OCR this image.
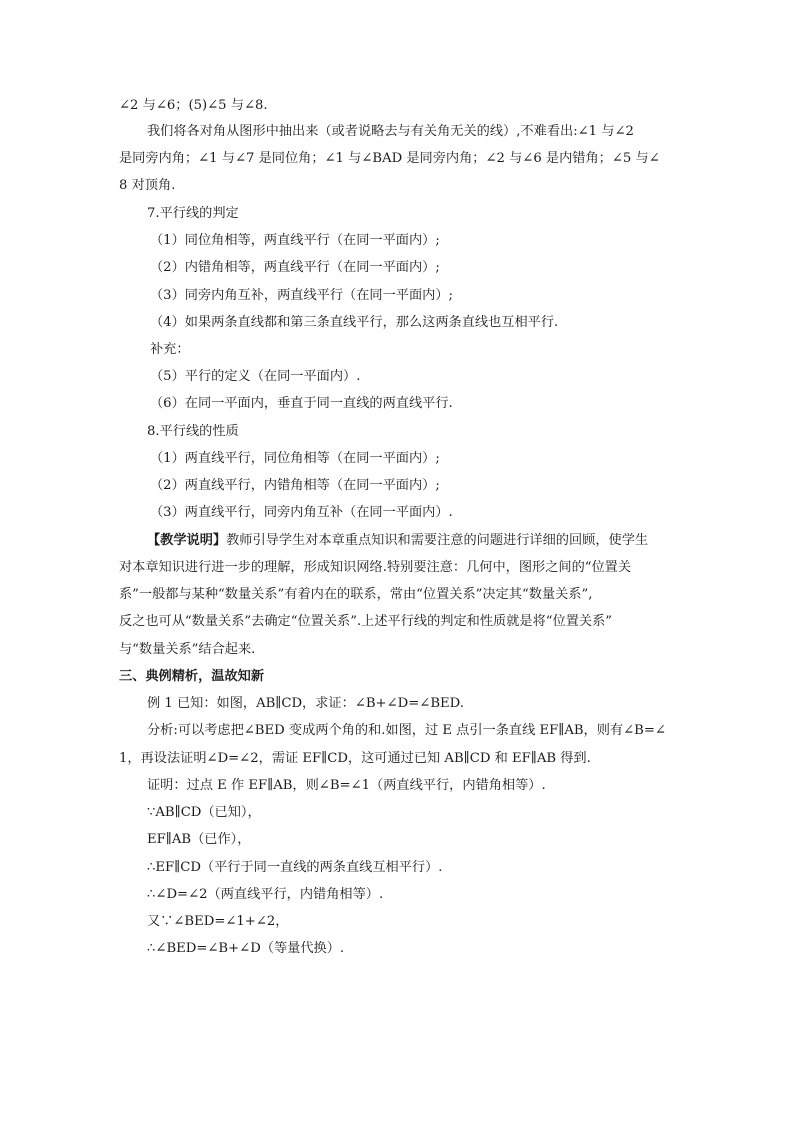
∠2 与∠6；(5)∠5 与∠8.
我们将各对角从图形中抽出来（或者说略去与有关角无关的线）,不难看出:∠1 与∠2
是同旁内角；∠1 与∠7 是同位角；∠1 与∠BAD 是同旁内角；∠2 与∠6 是内错角；∠5 与∠
8 对顶角.
7.平行线的判定
（1）同位角相等，两直线平行（在同一平面内）;
（2）内错角相等，两直线平行（在同一平面内）;
（3）同旁内角互补，两直线平行（在同一平面内）;
（4）如果两条直线都和第三条直线平行，那么这两条直线也互相平行.
补充：
（5）平行的定义（在同一平面内）.
（6）在同一平面内，垂直于同一直线的两直线平行.
8.平行线的性质
（1）两直线平行，同位角相等（在同一平面内）;
（2）两直线平行，内错角相等（在同一平面内）;
（3）两直线平行，同旁内角互补（在同一平面内）.
【教学说明】教师引导学生对本章重点知识和需要注意的问题进行详细的回顾，使学生
对本章知识进行进一步的理解，形成知识网络.特别要注意：几何中，图形之间的“位置关
系”一般都与某种“数量关系”有着内在的联系，常由“位置关系”决定其“数量关系”,
反之也可从“数量关系”去确定“位置关系”.上述平行线的判定和性质就是将“位置关系”
与“数量关系”结合起来.
三、典例精析，温故知新
例 1 已知：如图，AB∥CD，求证：∠B+∠D=∠BED.
分析:可以考虑把∠BED 变成两个角的和.如图，过 E 点引一条直线 EF∥AB，则有∠B=∠
1，再设法证明∠D=∠2，需证 EF∥CD，这可通过已知 AB∥CD 和 EF∥AB 得到.
证明：过点 E 作 EF∥AB，则∠B=∠1（两直线平行，内错角相等）.
∵AB∥CD（已知），
EF∥AB（已作），
∴EF∥CD（平行于同一直线的两条直线互相平行）.
∴∠D=∠2（两直线平行，内错角相等）.
又∵∠BED=∠1+∠2，
∴∠BED=∠B+∠D（等量代换）.
